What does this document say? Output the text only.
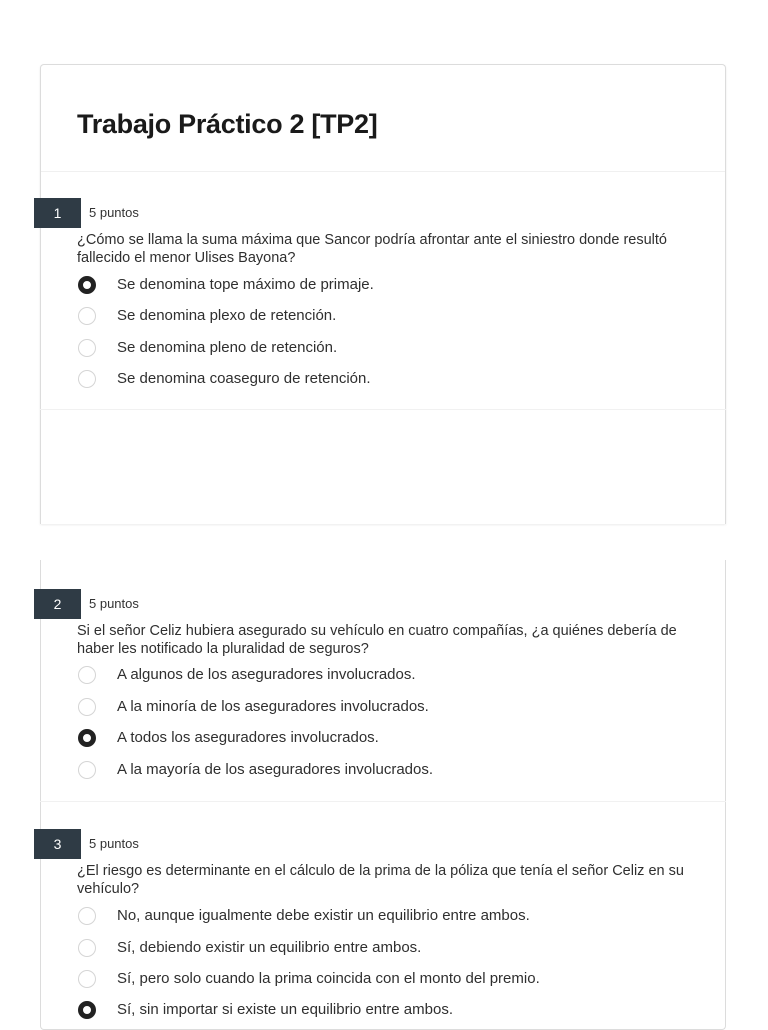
Trabajo Práctico 2 [TP2]
1	5 puntos
¿Cómo se llama la suma máxima que Sancor podría afrontar ante el siniestro donde resultó fallecido el menor Ulises Bayona?
Se denomina tope máximo de primaje.
Se denomina plexo de retención.
Se denomina pleno de retención.
Se denomina coaseguro de retención.
2	5 puntos
Si el señor Celiz hubiera asegurado su vehículo en cuatro compañías, ¿a quiénes debería de haber les notificado la pluralidad de seguros?
A algunos de los aseguradores involucrados.
A la minoría de los aseguradores involucrados.
A todos los aseguradores involucrados.
A la mayoría de los aseguradores involucrados.
3	5 puntos
¿El riesgo es determinante en el cálculo de la prima de la póliza que tenía el señor Celiz en su vehículo?
No, aunque igualmente debe existir un equilibrio entre ambos.
Sí, debiendo existir un equilibrio entre ambos.
Sí, pero solo cuando la prima coincida con el monto del premio.
Sí, sin importar si existe un equilibrio entre ambos.
